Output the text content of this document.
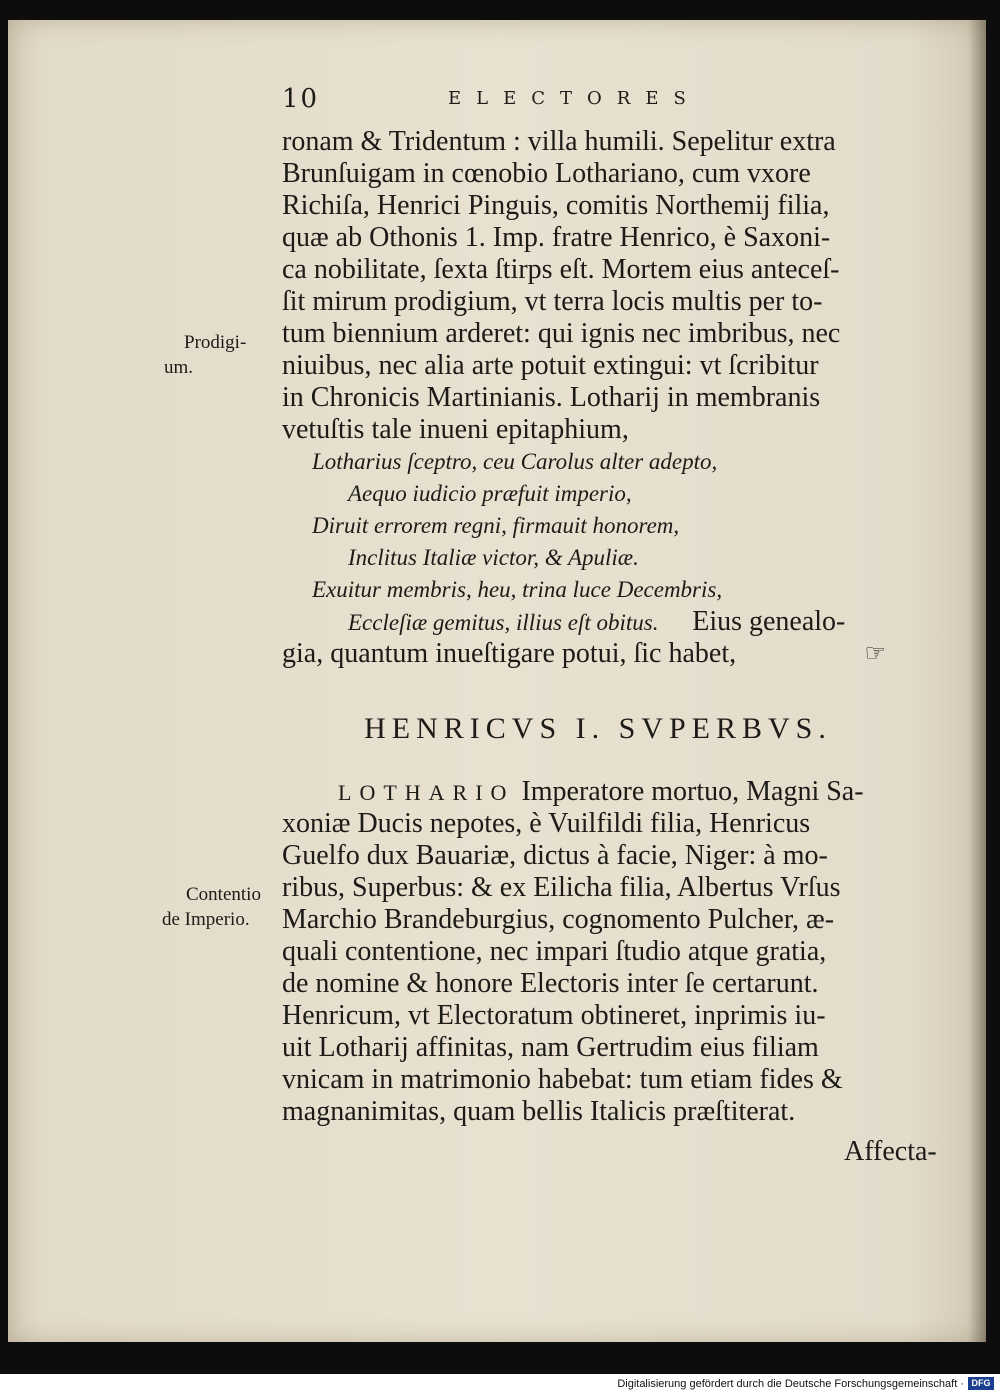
10	ELECTORES
Prodigi-
um.
ronam & Tridentum : villa humili. Sepelitur extra
Brunſuigam in cœnobio Lothariano, cum vxore
Richiſa, Henrici Pinguis, comitis Northemij filia,
quæ ab Othonis 1. Imp. fratre Henrico, è Saxoni-
ca nobilitate, ſexta ſtirps eſt. Mortem eius anteceſ-
ſit mirum prodigium, vt terra locis multis per to-
tum biennium arderet: qui ignis nec imbribus, nec
niuibus, nec alia arte potuit extingui: vt ſcribitur
in Chronicis Martinianis. Lotharij in membranis
vetuſtis tale inueni epitaphium,
Lotharius ſceptro, ceu Carolus alter adepto,
Aequo iudicio præfuit imperio,
Diruit errorem regni, firmauit honorem,
Inclitus Italiæ victor, & Apuliæ.
Exuitur membris, heu, trina luce Decembris,
Eccleſiæ gemitus, illius eſt obitus. Eius genealo-
gia, quantum inueſtigare potui, ſic habet,	☞
HENRICVS I. SVPERBVS.
Contentio
de Imperio.
LOTHARIO Imperatore mortuo, Magni Sa-
xoniæ Ducis nepotes, è Vuilfildi filia, Henricus
Guelfo dux Bauariæ, dictus à facie, Niger: à mo-
ribus, Superbus: & ex Eilicha filia, Albertus Vrſus
Marchio Brandeburgius, cognomento Pulcher, æ-
quali contentione, nec impari ſtudio atque gratia,
de nomine & honore Electoris inter ſe certarunt.
Henricum, vt Electoratum obtineret, inprimis iu-
uit Lotharij affinitas, nam Gertrudim eius filiam
vnicam in matrimonio habebat: tum etiam fides &
magnanimitas, quam bellis Italicis præſtiterat.
Affecta-
Digitalisierung gefördert durch die Deutsche Forschungsgemeinschaft · DFG
